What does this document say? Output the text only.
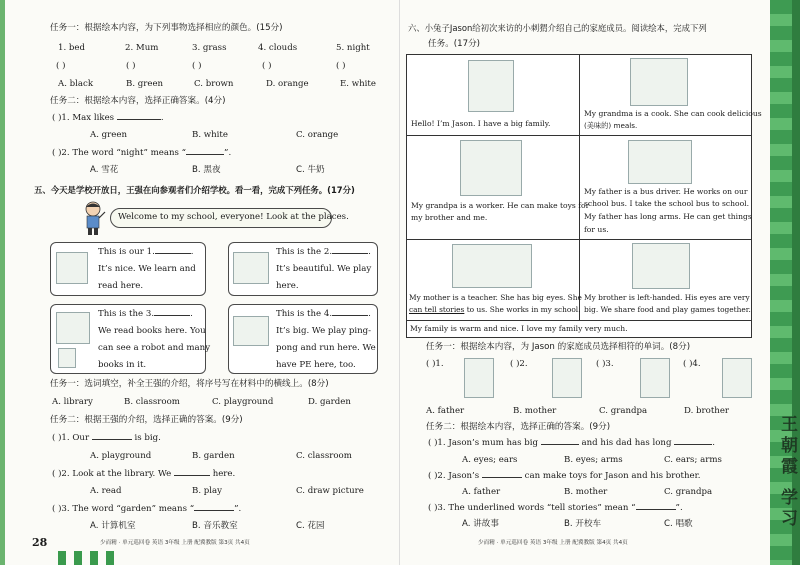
王朝霞 学习
任务一：根据绘本内容，为下列事物选择相应的颜色。(15分)
1. bed	2. Mum	3. grass	4. clouds	5. night
( )	( )	( )	( )	( )
A. black	B. green	C. brown	D. orange	E. white
任务二：根据绘本内容，选择正确答案。(4分)
( )1. Max likes	.
A. green	B. white	C. orange
( )2. The word “night” means “	”.
A. 雪花	B. 黑夜	C. 牛奶
五、今天是学校开放日，王强在向参观者们介绍学校。看一看，完成下列任务。(17分)
Welcome to my school, everyone! Look at the places.
This is our 1.	.
It’s nice. We learn and
read here.
This is the 2.	.
It’s beautiful. We play
here.
This is the 3.	.
We read books here. You
can see a robot and many
books in it.
This is the 4.	.
It’s big. We play ping-
pong and run here. We
have PE here, too.
任务一：选词填空，补全王强的介绍，将序号写在材料中的横线上。(8分)
A. library	B. classroom	C. playground	D. garden
任务二：根据王强的介绍，选择正确的答案。(9分)
( )1. Our	is big.
A. playground	B. garden	C. classroom
( )2. Look at the library. We	here.
A. read	B. play	C. draw picture
( )3. The word “garden” means “	”.
A. 计算机室	B. 音乐教室	C. 花园
28	少而精 · 单元巡回卷 英语 3年级 上册 配冀教版 第3页 共4页
六、小兔子Jason给初次来访的小刺猬介绍自己的家庭成员。阅读绘本，完成下列
任务。(17分)
Hello! I’m Jason. I have a big family.
My grandma is a cook. She can cook delicious
(美味的) meals.
My grandpa is a worker. He can make toys for
my brother and me.
My father is a bus driver. He works on our
school bus. I take the school bus to school.
My father has long arms. He can get things
for us.
My mother is a teacher. She has big eyes. She
can tell stories to us. She works in my school.
My brother is left-handed. His eyes are very
big. We share food and play games together.
My family is warm and nice. I love my family very much.
任务一：根据绘本内容，为 Jason 的家庭成员选择相符的单词。(8分)
( )1.	( )2.	( )3.	( )4.
A. father	B. mother	C. grandpa	D. brother
任务二：根据绘本内容，选择正确的答案。(9分)
( )1. Jason’s mum has big	and his dad has long	.
A. eyes; ears	B. eyes; arms	C. ears; arms
( )2. Jason’s	can make toys for Jason and his brother.
A. father	B. mother	C. grandpa
( )3. The underlined words “tell stories” mean “	”.
A. 讲故事	B. 开校车	C. 唱歌
少而精 · 单元巡回卷 英语 3年级 上册 配冀教版 第4页 共4页
